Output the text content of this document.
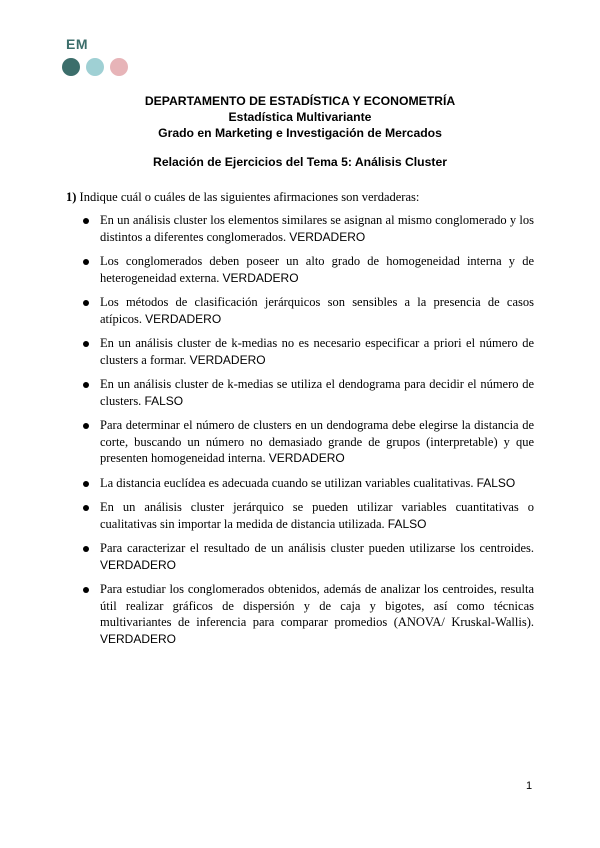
EM
DEPARTAMENTO DE ESTADÍSTICA Y ECONOMETRÍA
Estadística Multivariante
Grado en Marketing e Investigación de Mercados
Relación de Ejercicios del Tema 5: Análisis Cluster
1) Indique cuál o cuáles de las siguientes afirmaciones son verdaderas:
En un análisis cluster los elementos similares se asignan al mismo conglomerado y los distintos a diferentes conglomerados. VERDADERO
Los conglomerados deben poseer un alto grado de homogeneidad interna y de heterogeneidad externa. VERDADERO
Los métodos de clasificación jerárquicos son sensibles a la presencia de casos atípicos. VERDADERO
En un análisis cluster de k-medias no es necesario especificar a priori el número de clusters a formar. VERDADERO
En un análisis cluster de k-medias se utiliza el dendograma para decidir el número de clusters. FALSO
Para determinar el número de clusters en un dendograma debe elegirse la distancia de corte, buscando un número no demasiado grande de grupos (interpretable) y que presenten homogeneidad interna. VERDADERO
La distancia euclídea es adecuada cuando se utilizan variables cualitativas. FALSO
En un análisis cluster jerárquico se pueden utilizar variables cuantitativas o cualitativas sin importar la medida de distancia utilizada. FALSO
Para caracterizar el resultado de un análisis cluster pueden utilizarse los centroides. VERDADERO
Para estudiar los conglomerados obtenidos, además de analizar los centroides, resulta útil realizar gráficos de dispersión y de caja y bigotes, así como técnicas multivariantes de inferencia para comparar promedios (ANOVA/ Kruskal-Wallis). VERDADERO
1
